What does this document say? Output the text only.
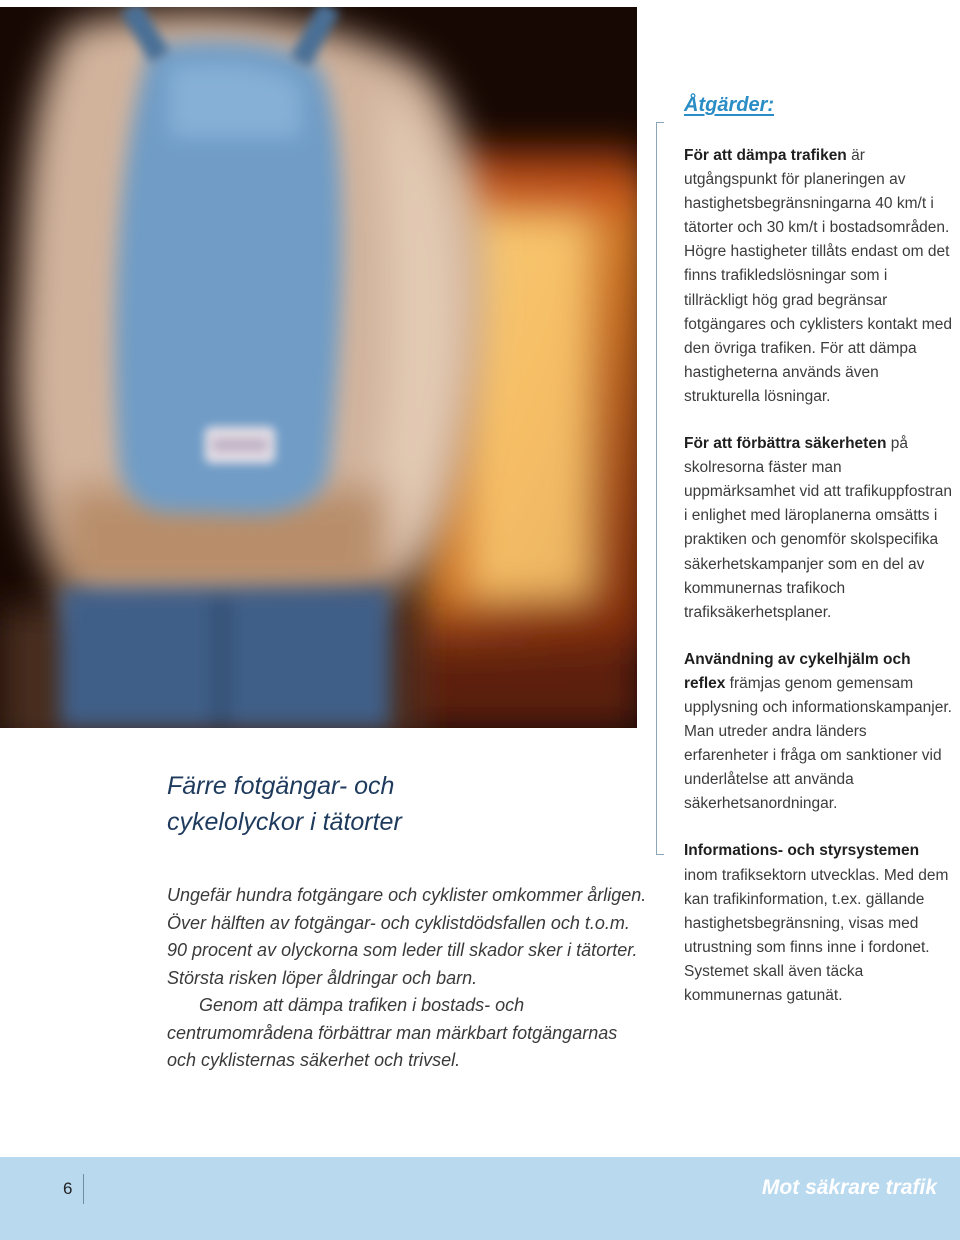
Färre fotgängar- och
cykelolyckor i tätorter

Ungefär hundra fotgängare och cyklister omkommer årligen. Över hälften av fotgängar- och cyklistdödsfallen och t.o.m. 90 procent av olyckorna som leder till skador sker i tätorter. Största risken löper åldringar och barn.

Genom att dämpa trafiken i bostads- och centrumområdena förbättrar man märkbart fotgängarnas och cyklisternas säkerhet och trivsel.

Åtgärder:

För att dämpa trafiken är utgångspunkt för planeringen av hastighetsbegränsningarna 40 km/t i tätorter och 30 km/t i bostadsområden. Högre hastigheter tillåts endast om det finns trafikledslösningar som i tillräckligt hög grad begränsar fotgängares och cyklisters kontakt med den övriga trafiken. För att dämpa hastigheterna används även strukturella lösningar.

För att förbättra säkerheten på skolresorna fäster man uppmärksamhet vid att trafikuppfostran i enlighet med läroplanerna omsätts i praktiken och genomför skolspecifika säkerhetskampanjer som en del av kommunernas trafikoch trafiksäkerhetsplaner.

Användning av cykelhjälm och reflex främjas genom gemensam upplysning och informationskampanjer. Man utreder andra länders erfarenheter i fråga om sanktioner vid underlåtelse att använda säkerhetsanordningar.

Informations- och styrsystemen inom trafiksektorn utvecklas. Med dem kan trafikinformation, t.ex. gällande hastighetsbegränsning, visas med utrustning som finns inne i fordonet. Systemet skall även täcka kommunernas gatunät.

6	Mot säkrare trafik
